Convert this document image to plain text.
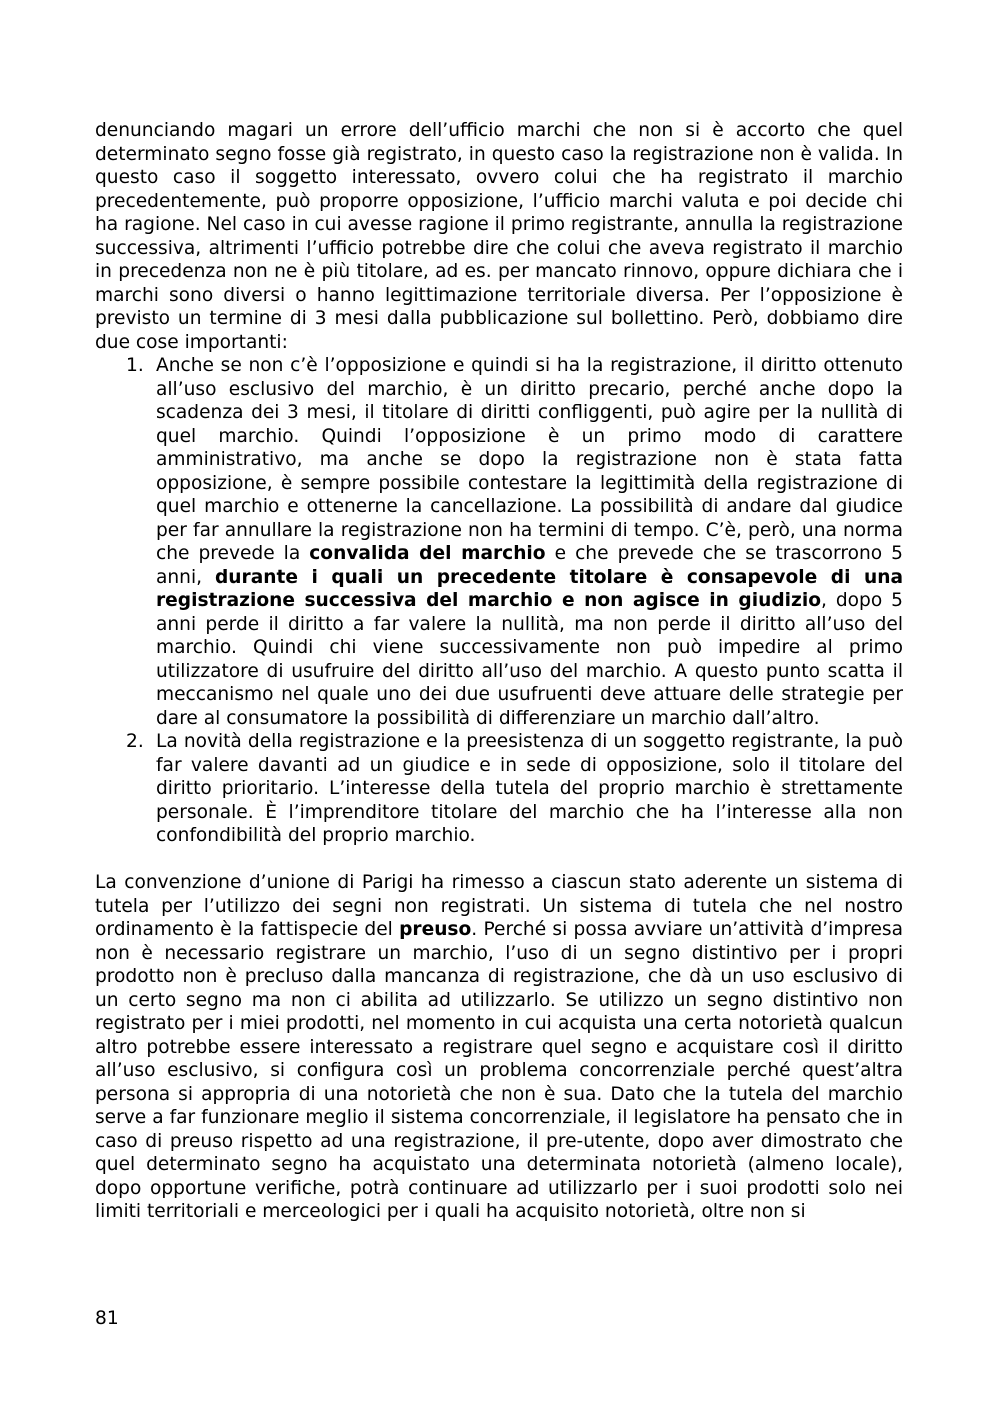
denunciando magari un errore dell’ufficio marchi che non si è accorto che quel determinato segno fosse già registrato, in questo caso la registrazione non è valida. In questo caso il soggetto interessato, ovvero colui che ha registrato il marchio precedentemente, può proporre opposizione, l’ufficio marchi valuta e poi decide chi ha ragione. Nel caso in cui avesse ragione il primo registrante, annulla la registrazione successiva, altrimenti l’ufficio potrebbe dire che colui che aveva registrato il marchio in precedenza non ne è più titolare, ad es. per mancato rinnovo, oppure dichiara che i marchi sono diversi o hanno legittimazione territoriale diversa. Per l’opposizione è previsto un termine di 3 mesi dalla pubblicazione sul bollettino. Però, dobbiamo dire due cose importanti:

1. Anche se non c’è l’opposizione e quindi si ha la registrazione, il diritto ottenuto all’uso esclusivo del marchio, è un diritto precario, perché anche dopo la scadenza dei 3 mesi, il titolare di diritti confliggenti, può agire per la nullità di quel marchio. Quindi l’opposizione è un primo modo di carattere amministrativo, ma anche se dopo la registrazione non è stata fatta opposizione, è sempre possibile contestare la legittimità della registrazione di quel marchio e ottenerne la cancellazione. La possibilità di andare dal giudice per far annullare la registrazione non ha termini di tempo. C’è, però, una norma che prevede la convalida del marchio e che prevede che se trascorrono 5 anni, durante i quali un precedente titolare è consapevole di una registrazione successiva del marchio e non agisce in giudizio, dopo 5 anni perde il diritto a far valere la nullità, ma non perde il diritto all’uso del marchio. Quindi chi viene successivamente non può impedire al primo utilizzatore di usufruire del diritto all’uso del marchio. A questo punto scatta il meccanismo nel quale uno dei due usufruenti deve attuare delle strategie per dare al consumatore la possibilità di differenziare un marchio dall’altro.
2. La novità della registrazione e la preesistenza di un soggetto registrante, la può far valere davanti ad un giudice e in sede di opposizione, solo il titolare del diritto prioritario. L’interesse della tutela del proprio marchio è strettamente personale. È l’imprenditore titolare del marchio che ha l’interesse alla non confondibilità del proprio marchio.

La convenzione d’unione di Parigi ha rimesso a ciascun stato aderente un sistema di tutela per l’utilizzo dei segni non registrati. Un sistema di tutela che nel nostro ordinamento è la fattispecie del preuso. Perché si possa avviare un’attività d’impresa non è necessario registrare un marchio, l’uso di un segno distintivo per i propri prodotto non è precluso dalla mancanza di registrazione, che dà un uso esclusivo di un certo segno ma non ci abilita ad utilizzarlo. Se utilizzo un segno distintivo non registrato per i miei prodotti, nel momento in cui acquista una certa notorietà qualcun altro potrebbe essere interessato a registrare quel segno e acquistare così il diritto all’uso esclusivo, si configura così un problema concorrenziale perché quest’altra persona si appropria di una notorietà che non è sua. Dato che la tutela del marchio serve a far funzionare meglio il sistema concorrenziale, il legislatore ha pensato che in caso di preuso rispetto ad una registrazione, il pre-utente, dopo aver dimostrato che quel determinato segno ha acquistato una determinata notorietà (almeno locale), dopo opportune verifiche, potrà continuare ad utilizzarlo per i suoi prodotti solo nei limiti territoriali e merceologici per i quali ha acquisito notorietà, oltre non si

81
